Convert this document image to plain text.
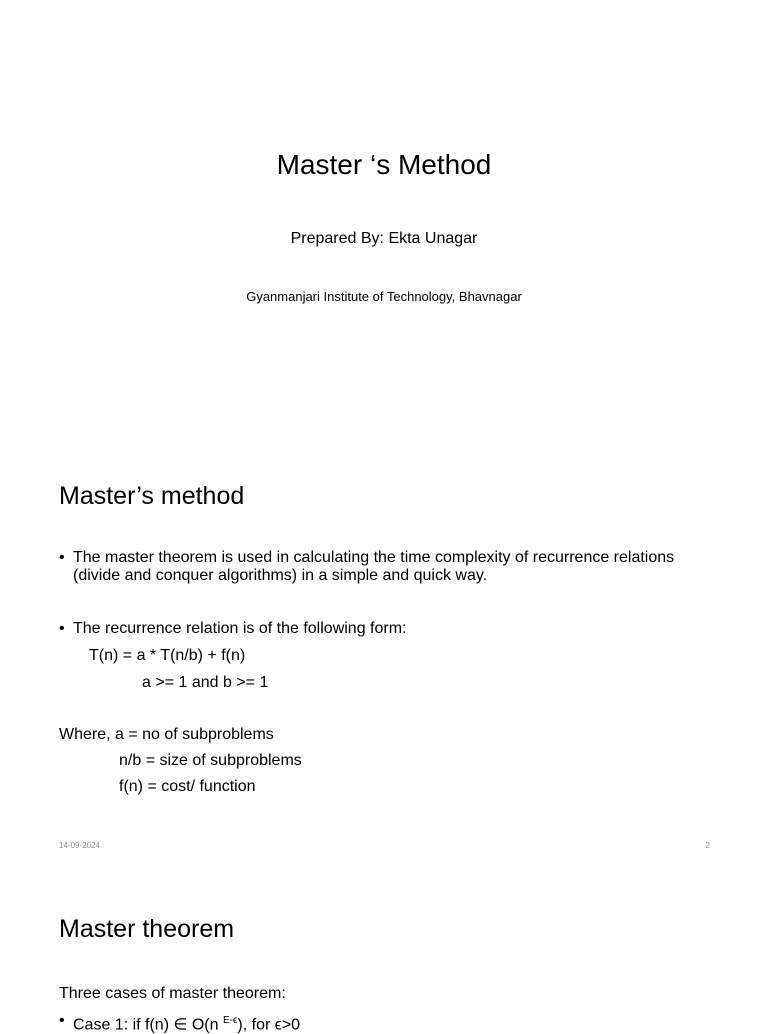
Master ‘s Method
Prepared By: Ekta Unagar
Gyanmanjari Institute of Technology, Bhavnagar
Master’s method
• The master theorem is used in calculating the time complexity of recurrence relations (divide and conquer algorithms) in a simple and quick way.
• The recurrence relation is of the following form:
T(n) = a * T(n/b) + f(n)
a >= 1 and b >= 1
Where, a = no of subproblems
n/b = size of subproblems
f(n) = cost/ function
14-09-2024	2
Master theorem
Three cases of master theorem:
• Case 1: if f(n) ∈ O(n $^{E-\epsilon}$), for ϵ>0
